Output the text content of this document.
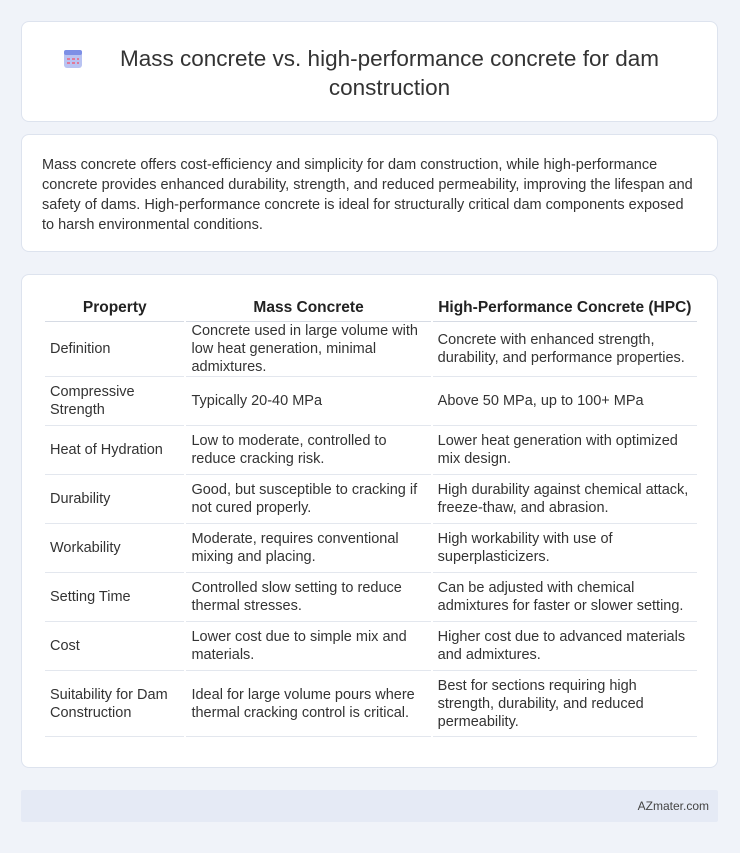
Mass concrete vs. high-performance concrete for dam construction
Mass concrete offers cost-efficiency and simplicity for dam construction, while high-performance concrete provides enhanced durability, strength, and reduced permeability, improving the lifespan and safety of dams. High-performance concrete is ideal for structurally critical dam components exposed to harsh environmental conditions.
Property	Mass Concrete	High-Performance Concrete (HPC)
Definition	Concrete used in large volume with low heat generation, minimal admixtures.	Concrete with enhanced strength, durability, and performance properties.
Compressive Strength	Typically 20-40 MPa	Above 50 MPa, up to 100+ MPa
Heat of Hydration	Low to moderate, controlled to reduce cracking risk.	Lower heat generation with optimized mix design.
Durability	Good, but susceptible to cracking if not cured properly.	High durability against chemical attack, freeze-thaw, and abrasion.
Workability	Moderate, requires conventional mixing and placing.	High workability with use of superplasticizers.
Setting Time	Controlled slow setting to reduce thermal stresses.	Can be adjusted with chemical admixtures for faster or slower setting.
Cost	Lower cost due to simple mix and materials.	Higher cost due to advanced materials and admixtures.
Suitability for Dam Construction	Ideal for large volume pours where thermal cracking control is critical.	Best for sections requiring high strength, durability, and reduced permeability.
AZmater.com
